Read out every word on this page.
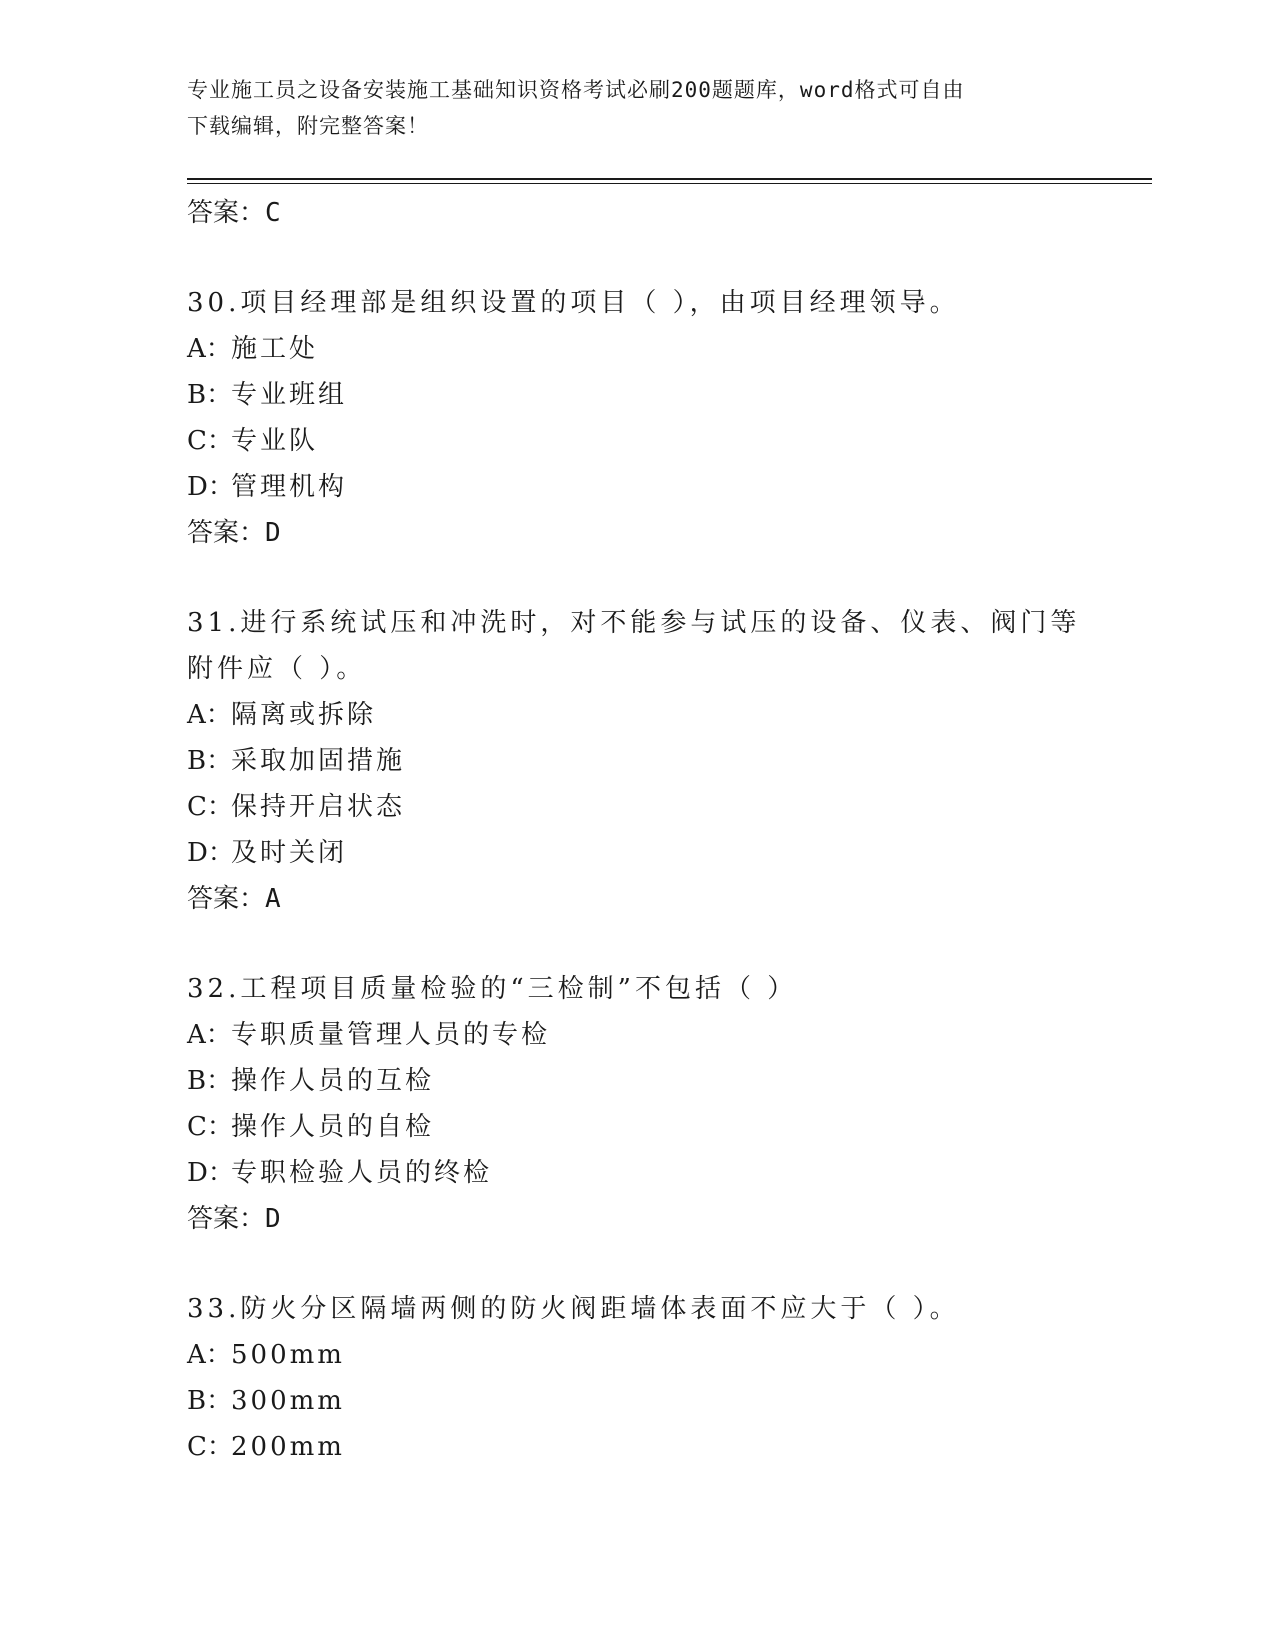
专业施工员之设备安装施工基础知识资格考试必刷200题题库，word格式可自由
下载编辑，附完整答案！
答案：C
30.项目经理部是组织设置的项目（ ），由项目经理领导。
A：施工处
B：专业班组
C：专业队
D：管理机构
答案：D
31.进行系统试压和冲洗时，对不能参与试压的设备、仪表、阀门等附件应（ ）。
A：隔离或拆除
B：采取加固措施
C：保持开启状态
D：及时关闭
答案：A
32.工程项目质量检验的“三检制”不包括（ ）
A：专职质量管理人员的专检
B：操作人员的互检
C：操作人员的自检
D：专职检验人员的终检
答案：D
33.防火分区隔墙两侧的防火阀距墙体表面不应大于（ ）。
A：500mm
B：300mm
C：200mm
